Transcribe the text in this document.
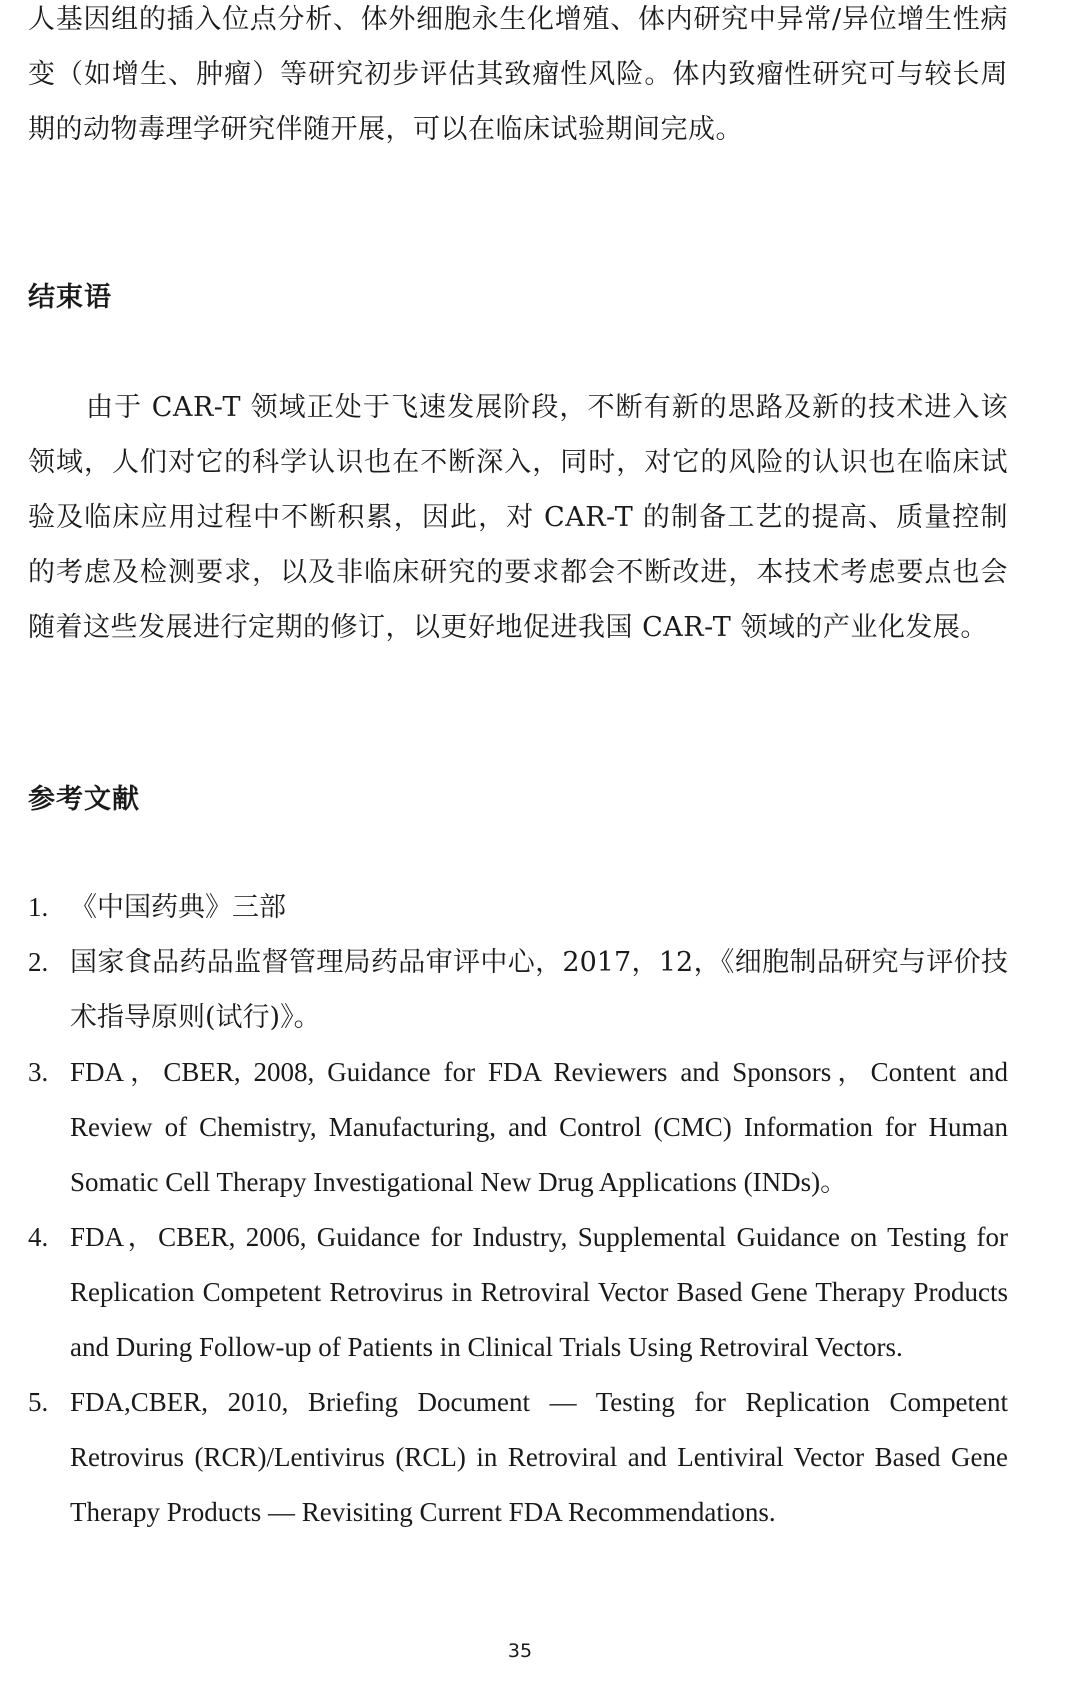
人基因组的插入位点分析、体外细胞永生化增殖、体内研究中异常/异位增生性病变（如增生、肿瘤）等研究初步评估其致瘤性风险。体内致瘤性研究可与较长周期的动物毒理学研究伴随开展，可以在临床试验期间完成。
结束语
由于 CAR-T 领域正处于飞速发展阶段，不断有新的思路及新的技术进入该领域，人们对它的科学认识也在不断深入，同时，对它的风险的认识也在临床试验及临床应用过程中不断积累，因此，对 CAR-T 的制备工艺的提高、质量控制的考虑及检测要求，以及非临床研究的要求都会不断改进，本技术考虑要点也会随着这些发展进行定期的修订，以更好地促进我国 CAR-T 领域的产业化发展。
参考文献
1. 《中国药典》三部
2. 国家食品药品监督管理局药品审评中心，2017，12，《细胞制品研究与评价技术指导原则(试行)》。
3. FDA，CBER, 2008, Guidance for FDA Reviewers and Sponsors，Content and Review of Chemistry, Manufacturing, and Control (CMC) Information for Human Somatic Cell Therapy Investigational New Drug Applications (INDs)。
4. FDA，CBER, 2006, Guidance for Industry, Supplemental Guidance on Testing for Replication Competent Retrovirus in Retroviral Vector Based Gene Therapy Products and During Follow-up of Patients in Clinical Trials Using Retroviral Vectors.
5. FDA,CBER, 2010, Briefing Document — Testing for Replication Competent Retrovirus (RCR)/Lentivirus (RCL) in Retroviral and Lentiviral Vector Based Gene Therapy Products — Revisiting Current FDA Recommendations.
35
